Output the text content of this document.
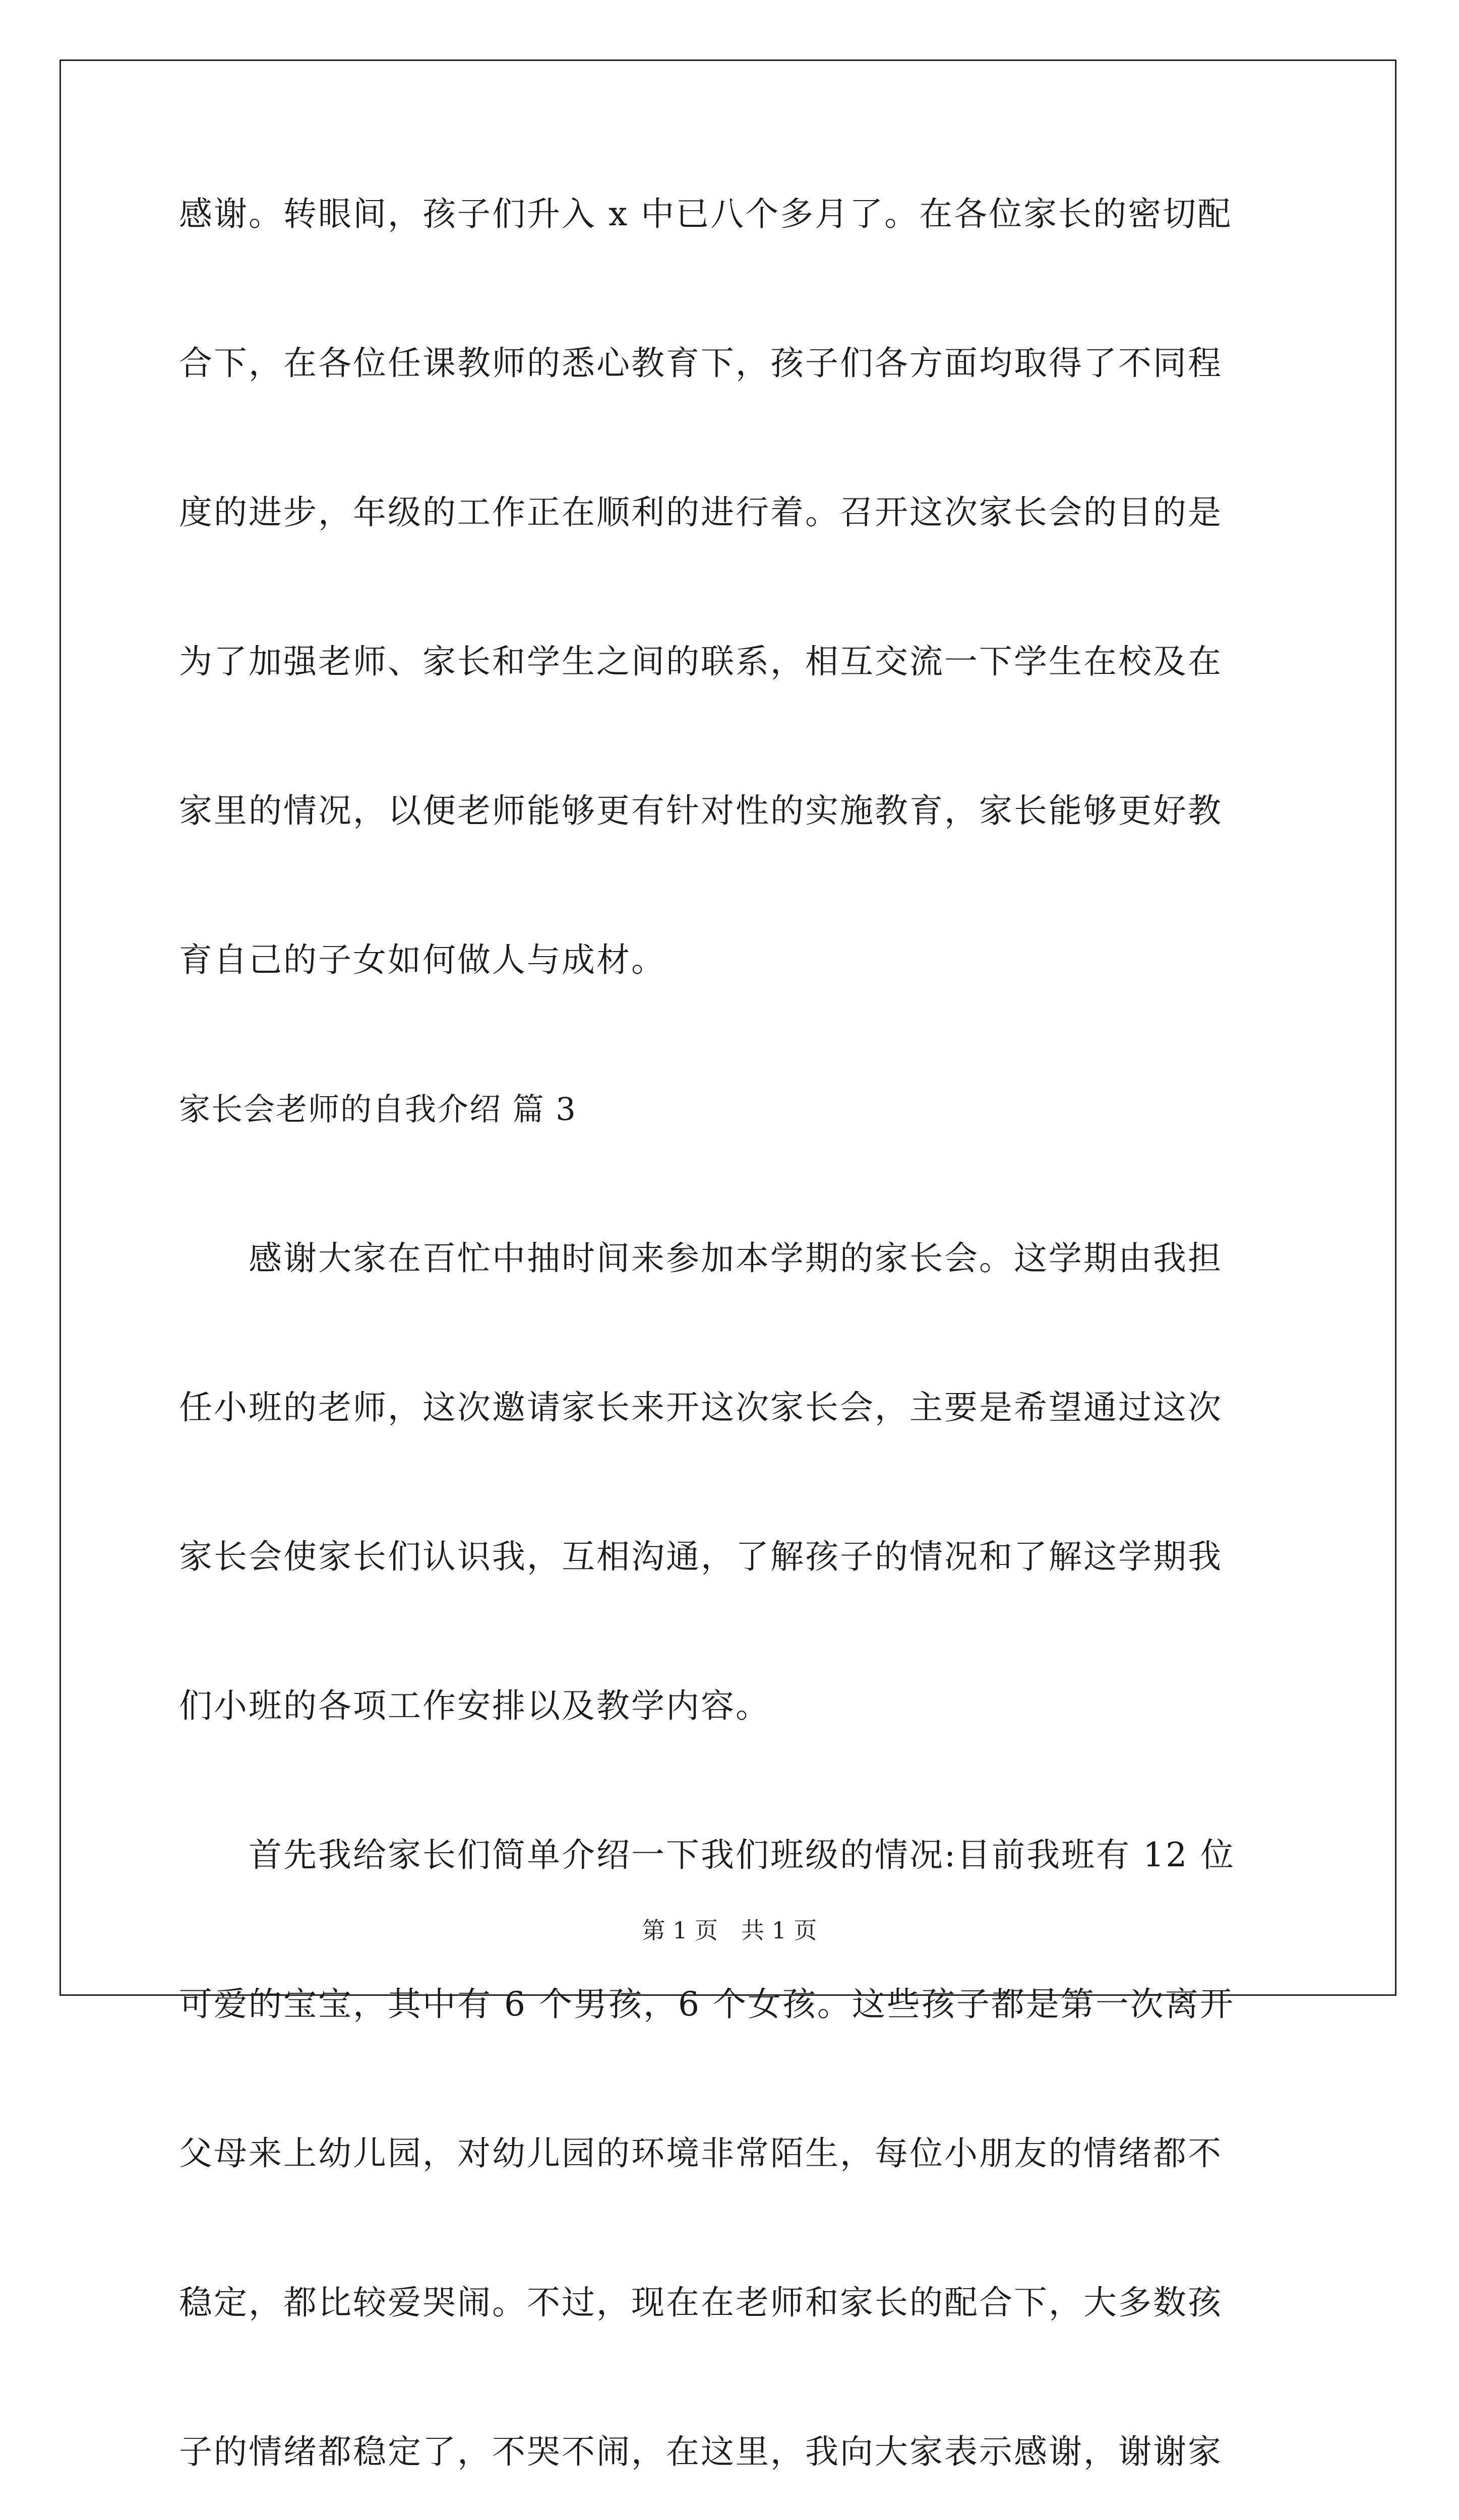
感谢。转眼间，孩子们升入 x 中已八个多月了。在各位家长的密切配
合下，在各位任课教师的悉心教育下，孩子们各方面均取得了不同程
度的进步，年级的工作正在顺利的进行着。召开这次家长会的目的是
为了加强老师、家长和学生之间的联系，相互交流一下学生在校及在
家里的情况，以便老师能够更有针对性的实施教育，家长能够更好教
育自己的子女如何做人与成材。
家长会老师的自我介绍 篇 3
　　感谢大家在百忙中抽时间来参加本学期的家长会。这学期由我担
任小班的老师，这次邀请家长来开这次家长会，主要是希望通过这次
家长会使家长们认识我，互相沟通，了解孩子的情况和了解这学期我
们小班的各项工作安排以及教学内容。
　　首先我给家长们简单介绍一下我们班级的情况:目前我班有 12 位
可爱的宝宝，其中有 6 个男孩，6 个女孩。这些孩子都是第一次离开
父母来上幼儿园，对幼儿园的环境非常陌生，每位小朋友的情绪都不
稳定，都比较爱哭闹。不过，现在在老师和家长的配合下，大多数孩
子的情绪都稳定了，不哭不闹，在这里，我向大家表示感谢，谢谢家
第 1 页　共 1 页
